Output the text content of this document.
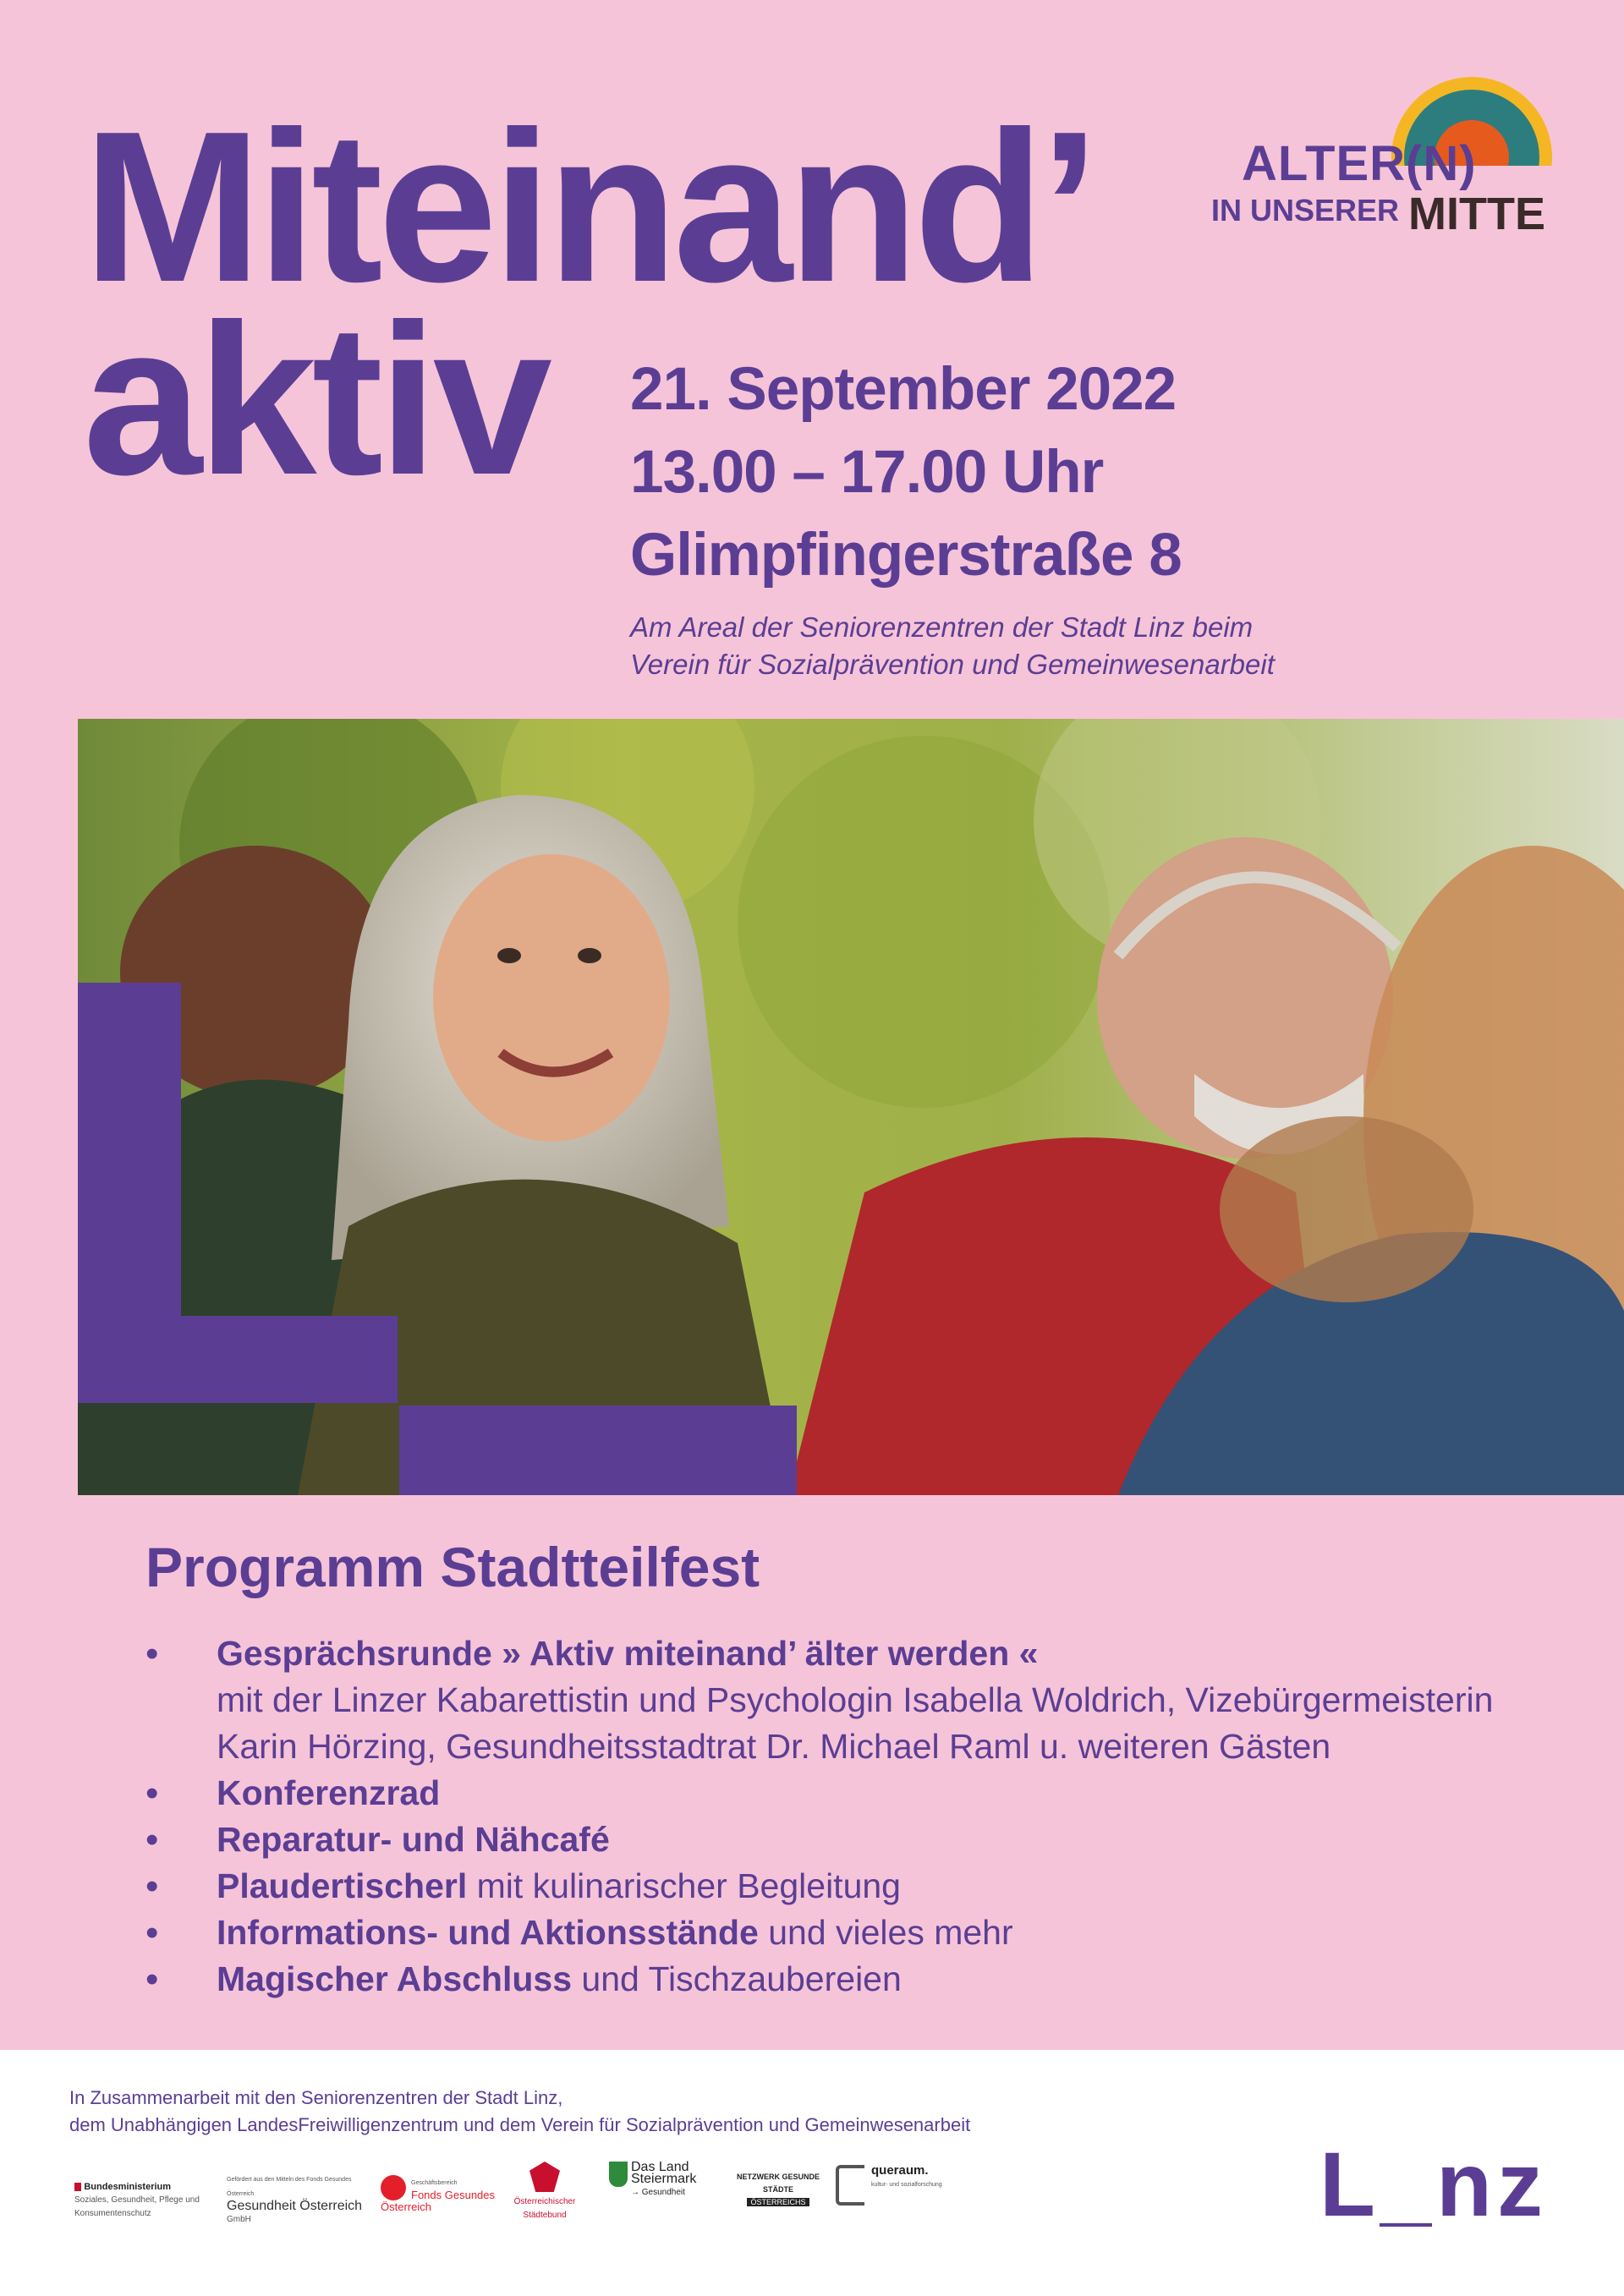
Miteinand’
aktiv	21. September 2022
13.00 – 17.00 Uhr
Glimpfingerstraße 8
Am Areal der Seniorenzentren der Stadt Linz beim
Verein für Sozialprävention und Gemeinwesenarbeit
ALTER(N)
IN UNSERER MITTE
Programm Stadtteilfest
• Gesprächsrunde » Aktiv miteinand’ älter werden «
mit der Linzer Kabarettistin und Psychologin Isabella Woldrich, Vizebürgermeisterin Karin Hörzing, Gesundheitsstadtrat Dr. Michael Raml u. weiteren Gästen
• Konferenzrad
• Reparatur- und Nähcafé
• Plaudertischerl mit kulinarischer Begleitung
• Informations- und Aktionsstände und vieles mehr
• Magischer Abschluss und Tischzaubereien
In Zusammenarbeit mit den Seniorenzentren der Stadt Linz,
dem Unabhängigen LandesFreiwilligenzentrum und dem Verein für Sozialprävention und Gemeinwesenarbeit
Bundesministerium
Soziales, Gesundheit, Pflege und Konsumentenschutz
Gefördert aus den Mitteln des Fonds Gesundes Österreich
Gesundheit Österreich
GmbH
Geschäftsbereich
Fonds Gesundes Österreich	Österreichischer Städtebund
Das Land Steiermark
→ Gesundheit
NETZWERK GESUNDE STÄDTE
ÖSTERREICHS
queraum.
kultur- und sozialforschung	L_nz
